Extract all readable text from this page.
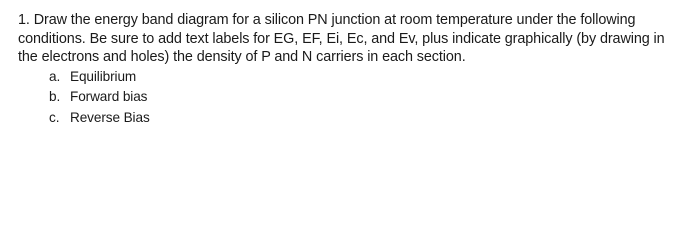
1. Draw the energy band diagram for a silicon PN junction at room temperature under the following conditions. Be sure to add text labels for EG, EF, Ei, Ec, and Ev, plus indicate graphically (by drawing in the electrons and holes) the density of P and N carriers in each section.

a. Equilibrium
b. Forward bias
c. Reverse Bias
